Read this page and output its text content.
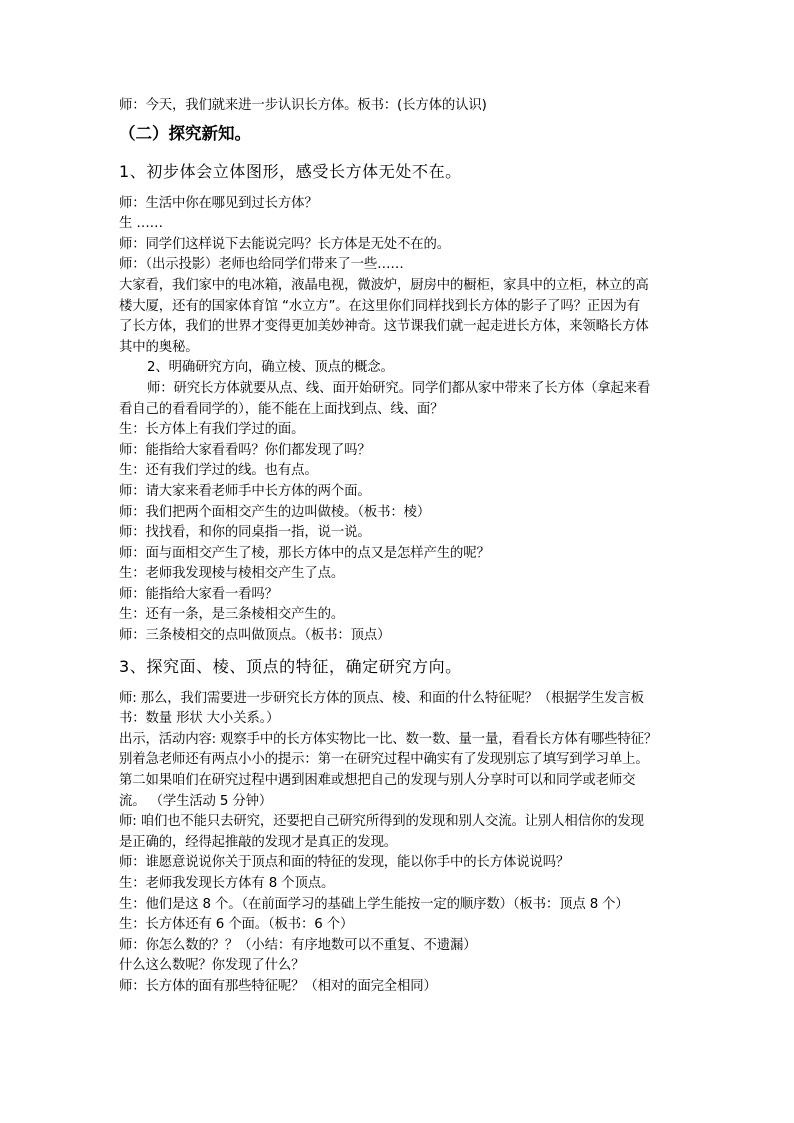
师：今天，我们就来进一步认识长方体。板书：(长方体的认识)
（二）探究新知。
1、初步体会立体图形，感受长方体无处不在。
师：生活中你在哪见到过长方体？
生 ……
师：同学们这样说下去能说完吗？长方体是无处不在的。
师：（出示投影）老师也给同学们带来了一些……
大家看，我们家中的电冰箱，液晶电视，微波炉，厨房中的橱柜，家具中的立柜，林立的高
楼大厦，还有的国家体育馆 “水立方”。在这里你们同样找到长方体的影子了吗？正因为有
了长方体，我们的世界才变得更加美妙神奇。这节课我们就一起走进长方体，来领略长方体
其中的奥秘。
2、明确研究方向，确立棱、顶点的概念。
师：研究长方体就要从点、线、面开始研究。同学们都从家中带来了长方体（拿起来看
看自己的看看同学的），能不能在上面找到点、线、面？
生：长方体上有我们学过的面。
师：能指给大家看看吗？你们都发现了吗？
生：还有我们学过的线。也有点。
师：请大家来看老师手中长方体的两个面。
师：我们把两个面相交产生的边叫做棱。（板书：棱）
师：找找看，和你的同桌指一指，说一说。
师：面与面相交产生了棱，那长方体中的点又是怎样产生的呢？
生：老师我发现棱与棱相交产生了点。
师：能指给大家看一看吗？
生：还有一条，是三条棱相交产生的。
师：三条棱相交的点叫做顶点。（板书：顶点）
3、探究面、棱、顶点的特征，确定研究方向。
师: 那么，我们需要进一步研究长方体的顶点、棱、和面的什么特征呢？（根据学生发言板
书：数量 形状 大小关系。）
出示，活动内容: 观察手中的长方体实物比一比、数一数、量一量，看看长方体有哪些特征？
别着急老师还有两点小小的提示：第一在研究过程中确实有了发现别忘了填写到学习单上。
第二如果咱们在研究过程中遇到困难或想把自己的发现与别人分享时可以和同学或老师交
流。 （学生活动 5 分钟）
师: 咱们也不能只去研究，还要把自己研究所得到的发现和别人交流。让别人相信你的发现
是正确的，经得起推敲的发现才是真正的发现。
师：谁愿意说说你关于顶点和面的特征的发现，能以你手中的长方体说说吗？
生：老师我发现长方体有 8 个顶点。
生：他们是这 8 个。（在前面学习的基础上学生能按一定的顺序数）（板书：顶点 8 个）
生：长方体还有 6 个面。（板书：6 个）
师：你怎么数的？？（小结：有序地数可以不重复、不遗漏）
什么这么数呢？你发现了什么？
师：长方体的面有那些特征呢？（相对的面完全相同）
